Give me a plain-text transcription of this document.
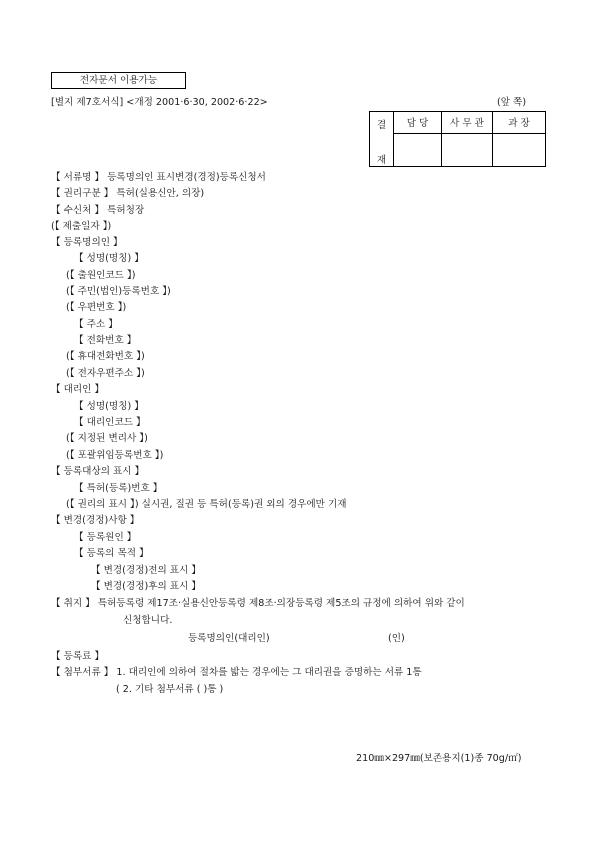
전자문서 이용가능
[별지 제7호서식] <개정 2001·6·30, 2002·6·22>	(앞 쪽)
결
재	담 당	사 무 관	과 장

【 서류명 】 등록명의인 표시변경(경정)등록신청서
【 권리구분 】 특허(실용신안, 의장)
【 수신처 】 특허청장
(【 제출일자 】)
【 등록명의인 】
【 성명(명칭) 】
(【 출원인코드 】)
(【 주민(법인)등록번호 】)
(【 우편번호 】)
【 주소 】
【 전화번호 】
(【 휴대전화번호 】)
(【 전자우편주소 】)
【 대리인 】
【 성명(명칭) 】
【 대리인코드 】
(【 지정된 변리사 】)
(【 포괄위임등록번호 】)
【 등록대상의 표시 】
【 특허(등록)번호 】
(【 권리의 표시 】) 실시권, 질권 등 특허(등록)권 외의 경우에만 기재
【 변경(경정)사항 】
【 등록원인 】
【 등록의 목적 】
【 변경(경정)전의 표시 】
【 변경(경정)후의 표시 】
【 취지 】 특허등록령 제17조·실용신안등록령 제8조·의장등록령 제5조의 규정에 의하여 위와 같이
신청합니다.
등록명의인(대리인)	(인)
【 등록료 】
【 첨부서류 】 1. 대리인에 의하여 절차를 밟는 경우에는 그 대리권을 증명하는 서류 1통
( 2. 기타 첨부서류 ( )통 )
210㎜×297㎜(보존용지(1)종 70g/㎡)
